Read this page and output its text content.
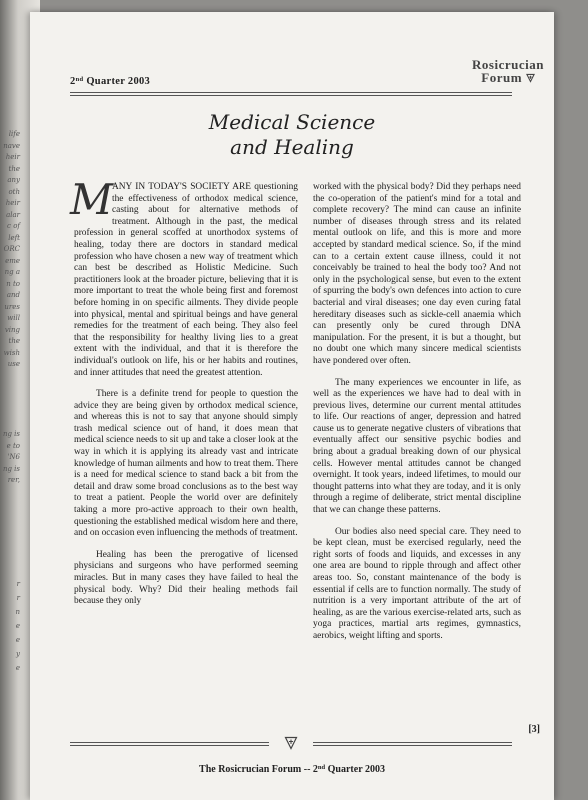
life
nave
heir
the
any
oth
heir
alar
c of
left
ORC
eme
ng a
n to
and
ures
will
ving
the
wish
use
ng is
e to
'N6
ng is
rer,
r
r
n
e
e
y
e
2nd Quarter 2003
Rosicrucian
Forum
Medical Science
and Healing

M
ANY IN TODAY'S SOCIETY ARE questioning the effectiveness of orthodox medical science, casting about for alternative methods of treatment. Although in the past, the medical profession in general scoffed at unorthodox systems of healing, today there are doctors in standard medical profession who have chosen a new way of treatment which can best be described as Holistic Medicine. Such practitioners look at the broader picture, believing that it is more important to treat the whole being first and foremost before homing in on specific ailments. They divide people into physical, mental and spiritual beings and have general remedies for the treatment of each being. They also feel that the responsibility for healthy living lies to a great extent with the individual, and that it is therefore the individual's outlook on life, his or her habits and routines, and inner attitudes that need the greatest attention.

There is a definite trend for people to question the advice they are being given by orthodox medical science, and whereas this is not to say that anyone should simply trash medical science out of hand, it does mean that medical science needs to sit up and take a closer look at the way in which it is applying its already vast and intricate knowledge of human ailments and how to treat them. There is a need for medical science to stand back a bit from the detail and draw some broad conclusions as to the best way to treat a patient. People the world over are definitely taking a more pro-active approach to their own health, questioning the established medical wisdom here and there, and on occasion even influencing the methods of treatment.

Healing has been the prerogative of licensed physicians and surgeons who have performed seeming miracles. But in many cases they have failed to heal the physical body. Why? Did their healing methods fail because they only

worked with the physical body? Did they perhaps need the co-operation of the patient's mind for a total and complete recovery? The mind can cause an infinite number of diseases through stress and its related mental outlook on life, and this is more and more accepted by standard medical science. So, if the mind can to a certain extent cause illness, could it not conceivably be trained to heal the body too? And not only in the psychological sense, but even to the extent of spurring the body's own defences into action to cure bacterial and viral diseases; one day even curing fatal hereditary diseases such as sickle-cell anaemia which can presently only be cured through DNA manipulation. For the present, it is but a thought, but no doubt one which many sincere medical scientists have pondered over often.

The many experiences we encounter in life, as well as the experiences we have had to deal with in previous lives, determine our current mental attitudes to life. Our reactions of anger, depression and hatred cause us to generate negative clusters of vibrations that eventually affect our sensitive psychic bodies and bring about a gradual breaking down of our physical cells. However mental attitudes cannot be changed overnight. It took years, indeed lifetimes, to mould our thought patterns into what they are today, and it is only through a regime of deliberate, strict mental discipline that we can change these patterns.

Our bodies also need special care. They need to be kept clean, must be exercised regularly, need the right sorts of foods and liquids, and excesses in any one area are bound to ripple through and affect other areas too. So, constant maintenance of the body is essential if cells are to function normally. The study of nutrition is a very important attribute of the art of healing, as are the various exercise-related arts, such as yoga practices, martial arts regimes, gymnastics, aerobics, weight lifting and sports.

[3]
The Rosicrucian Forum -- 2nd Quarter 2003
